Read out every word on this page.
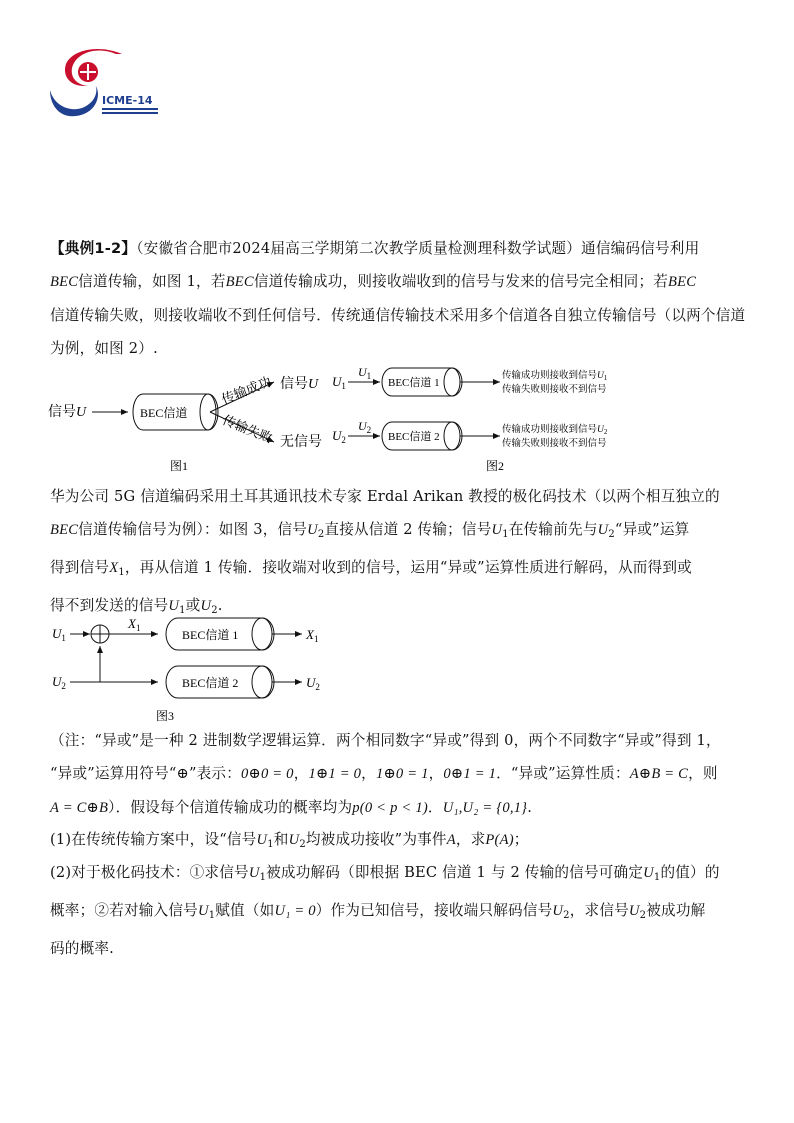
ICME-14
【典例1-2】（安徽省合肥市2024届高三学期第二次教学质量检测理科数学试题）通信编码信号利用
BEC信道传输，如图 1，若BEC信道传输成功，则接收端收到的信号与发来的信号完全相同；若BEC
信道传输失败，则接收端收不到任何信号．传统通信传输技术采用多个信道各自独立传输信号（以两个信道为例，如图 2）.
信号U	BEC信道
传输成功
传输失败
信号U
无信号
图1
$U_1$
$U_1$
BEC信道 1
传输成功则接收到信号$U_1$
传输失败则接收不到信号
$U_2$
$U_2$
BEC信道 2
传输成功则接收到信号$U_2$
传输失败则接收不到信号
图2
华为公司 5G 信道编码采用土耳其通讯技术专家 Erdal Arikan 教授的极化码技术（以两个相互独立的
BEC信道传输信号为例）：如图 3，信号$U_2$直接从信道 2 传输；信号$U_1$在传输前先与$U_2“$异或”运算
得到信号$X_1$，再从信道 1 传输．接收端对收到的信号，运用“异或”运算性质进行解码，从而得到或
得不到发送的信号$U_1$或$U_2$.
$U_1$
$X_1$	BEC信道 1	$X_1$
$U_2$	BEC信道 2	$U_2$
图3
（注：“异或”是一种 2 进制数学逻辑运算．两个相同数字“异或”得到 0，两个不同数字“异或”得到 1，
“异或”运算用符号“⊕”表示：0⊕0 = 0，1⊕1 = 0，1⊕0 = 1，0⊕1 = 1．“异或”运算性质：A⊕B = C，则
A = C⊕B）．假设每个信道传输成功的概率均为p(0 < p < 1)．U₁,U₂ = {0,1}.
(1)在传统传输方案中，设“信号$U_1$和$U_2$均被成功接收”为事件A，求P(A)；
(2)对于极化码技术：①求信号$U_1$被成功解码（即根据 BEC 信道 1 与 2 传输的信号可确定$U_1$的值）的
概率；②若对输入信号$U_1$赋值（如U₁ = 0）作为已知信号，接收端只解码信号$U_2$，求信号$U_2$被成功解
码的概率.
